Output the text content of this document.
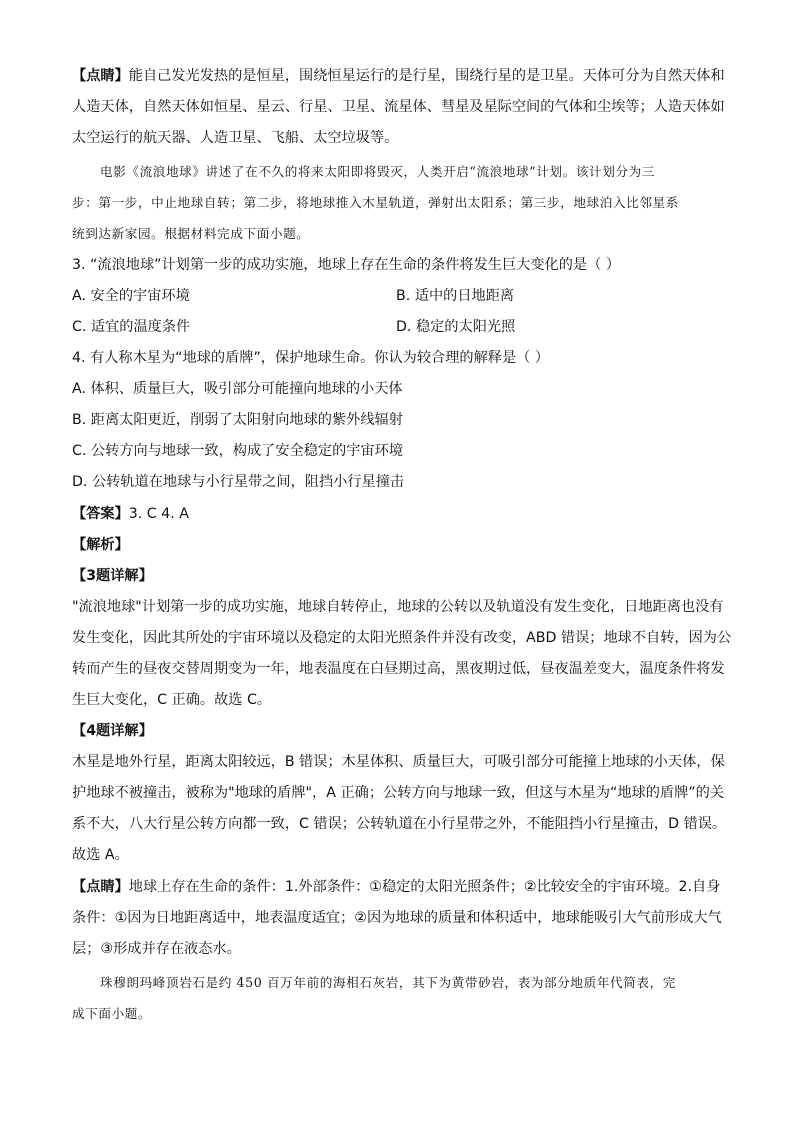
【点睛】能自己发光发热的是恒星，围绕恒星运行的是行星，围绕行星的是卫星。天体可分为自然天体和
人造天体，自然天体如恒星、星云、行星、卫星、流星体、彗星及星际空间的气体和尘埃等；人造天体如
太空运行的航天器、人造卫星、飞船、太空垃圾等。
电影《流浪地球》讲述了在不久的将来太阳即将毁灭，人类开启“流浪地球”计划。该计划分为三
步：第一步，中止地球自转；第二步，将地球推入木星轨道，弹射出太阳系；第三步，地球泊入比邻星系
统到达新家园。根据材料完成下面小题。
3. “流浪地球”计划第一步的成功实施，地球上存在生命的条件将发生巨大变化的是（ ）
A. 安全的宇宙环境	B. 适中的日地距离
C. 适宜的温度条件	D. 稳定的太阳光照
4. 有人称木星为“地球的盾牌”，保护地球生命。你认为较合理的解释是（ ）
A. 体积、质量巨大，吸引部分可能撞向地球的小天体
B. 距离太阳更近，削弱了太阳射向地球的紫外线辐射
C. 公转方向与地球一致，构成了安全稳定的宇宙环境
D. 公转轨道在地球与小行星带之间，阻挡小行星撞击
【答案】3. C 4. A
【解析】
【3题详解】
"流浪地球"计划第一步的成功实施，地球自转停止，地球的公转以及轨道没有发生变化，日地距离也没有
发生变化，因此其所处的宇宙环境以及稳定的太阳光照条件并没有改变，ABD 错误；地球不自转，因为公
转而产生的昼夜交替周期变为一年，地表温度在白昼期过高，黑夜期过低，昼夜温差变大，温度条件将发
生巨大变化，C 正确。故选 C。
【4题详解】
木星是地外行星，距离太阳较远，B 错误；木星体积、质量巨大，可吸引部分可能撞上地球的小天体，保
护地球不被撞击，被称为"地球的盾牌"，A 正确；公转方向与地球一致，但这与木星为“地球的盾牌”的关
系不大，八大行星公转方向都一致，C 错误；公转轨道在小行星带之外，不能阻挡小行星撞击，D 错误。
故选 A。
【点睛】地球上存在生命的条件：1.外部条件：①稳定的太阳光照条件；②比较安全的宇宙环境。2.自身
条件：①因为日地距离适中，地表温度适宜；②因为地球的质量和体积适中，地球能吸引大气前形成大气
层；③形成并存在液态水。
珠穆朗玛峰顶岩石是约 450 百万年前的海相石灰岩，其下为黄带砂岩，表为部分地质年代简表，完
成下面小题。
